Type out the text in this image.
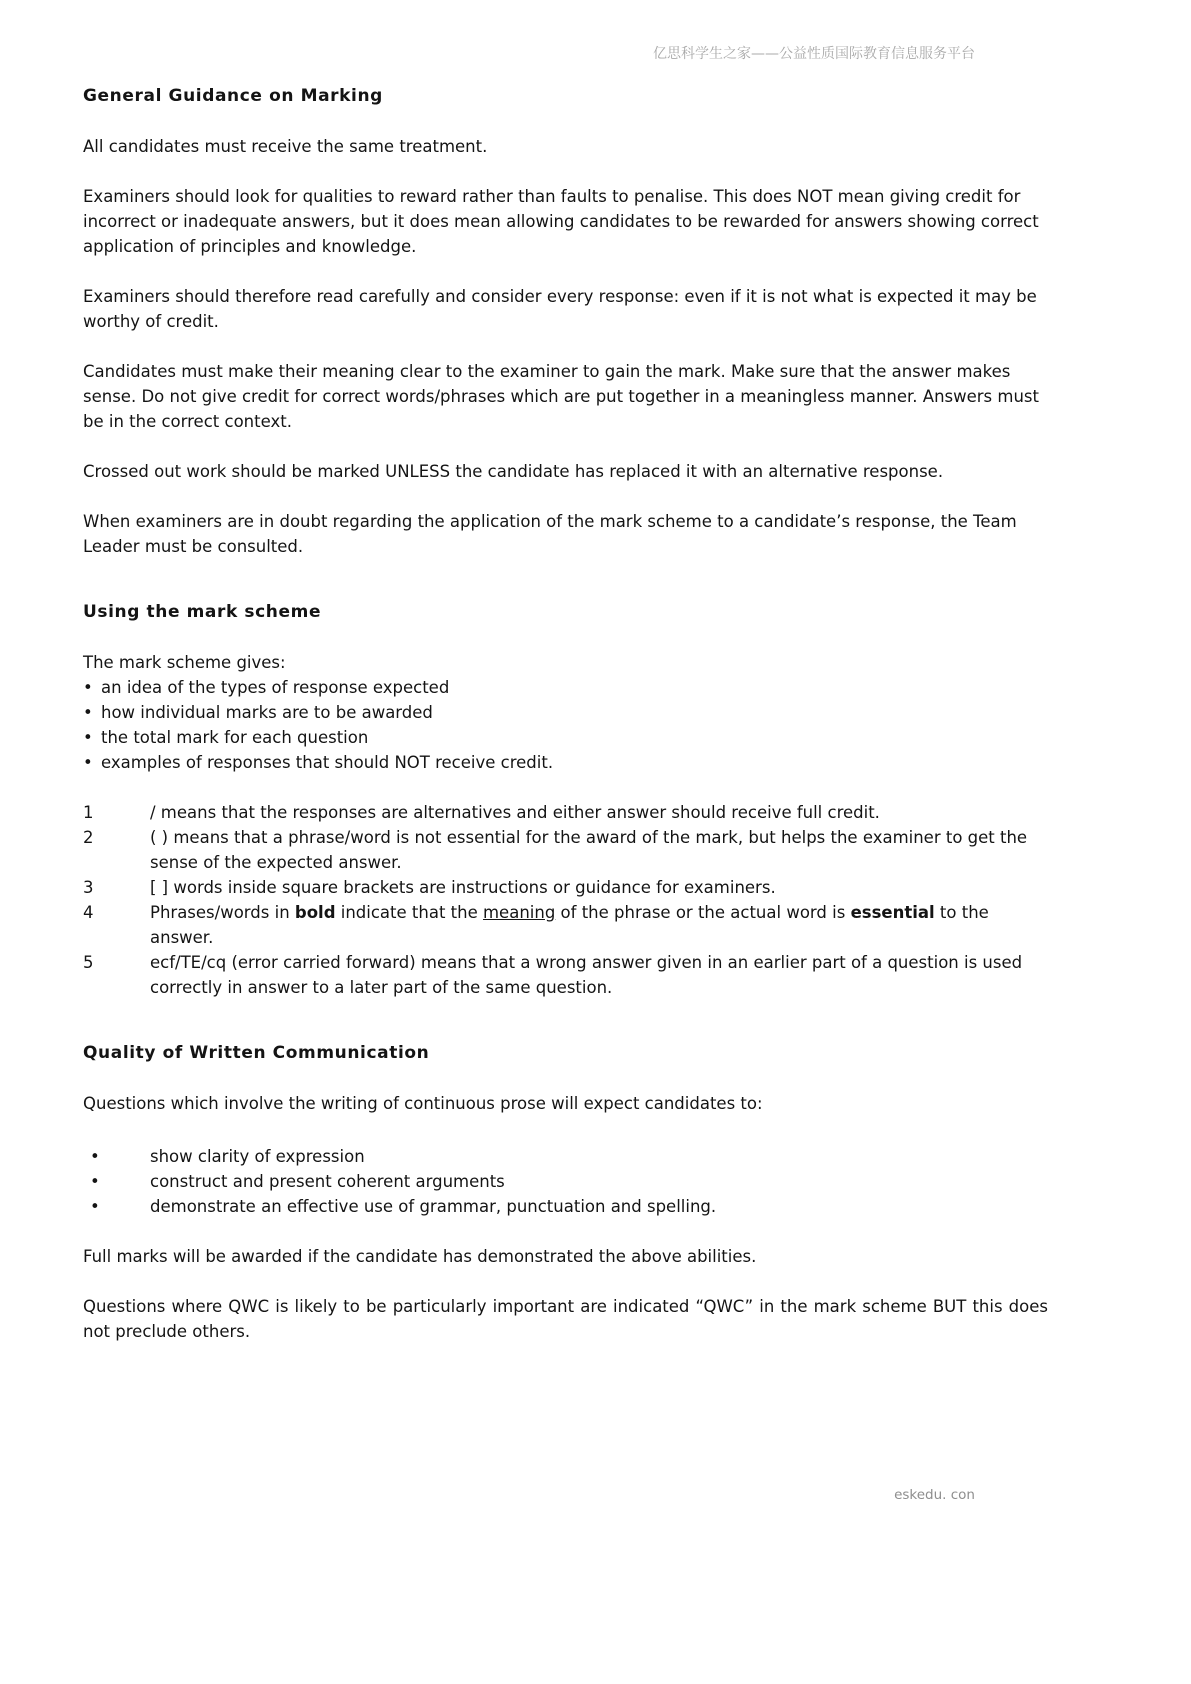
亿思科学生之家——公益性质国际教育信息服务平台
General Guidance on Marking

All candidates must receive the same treatment.

Examiners should look for qualities to reward rather than faults to penalise. This does NOT mean giving credit for incorrect or inadequate answers, but it does mean allowing candidates to be rewarded for answers showing correct application of principles and knowledge.

Examiners should therefore read carefully and consider every response: even if it is not what is expected it may be worthy of credit.

Candidates must make their meaning clear to the examiner to gain the mark. Make sure that the answer makes sense. Do not give credit for correct words/phrases which are put together in a meaningless manner. Answers must be in the correct context.

Crossed out work should be marked UNLESS the candidate has replaced it with an alternative response.

When examiners are in doubt regarding the application of the mark scheme to a candidate’s response, the Team Leader must be consulted.

Using the mark scheme
The mark scheme gives:
• an idea of the types of response expected
• how individual marks are to be awarded
• the total mark for each question
• examples of responses that should NOT receive credit.
1	/ means that the responses are alternatives and either answer should receive full credit.
2	( ) means that a phrase/word is not essential for the award of the mark, but helps the examiner to get the sense of the expected answer.
3	[ ] words inside square brackets are instructions or guidance for examiners.
4	Phrases/words in bold indicate that the meaning of the phrase or the actual word is essential to the answer.
5	ecf/TE/cq (error carried forward) means that a wrong answer given in an earlier part of a question is used correctly in answer to a later part of the same question.
Quality of Written Communication

Questions which involve the writing of continuous prose will expect candidates to:

•	show clarity of expression
•	construct and present coherent arguments
•	demonstrate an effective use of grammar, punctuation and spelling.

Full marks will be awarded if the candidate has demonstrated the above abilities.

Questions where QWC is likely to be particularly important are indicated “QWC” in the mark scheme BUT this does not preclude others.

eskedu. con
